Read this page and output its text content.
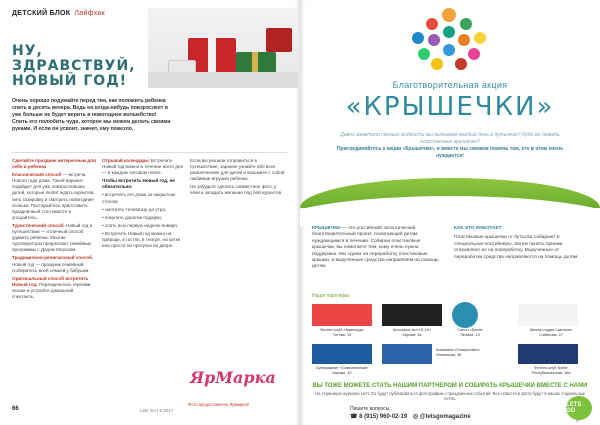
ДЕТСКИЙ БЛОК Лайфхак
НУ, ЗДРАВСТВУЙ, НОВЫЙ ГОД!
Очень хорошо подумайте перед тем, как положить ребенка спать в десять вечера. Ведь он когда-нибудь повзрослеет и уже больше не будет верить в новогоднее волшебство! Спить его полюбить чудо, которое мы можем делать своими руками. И если он усвоит, значит, ему повезло.

Сделайте праздник интересным для себя и ребенка

Классический способ — встреча Нового года дома. Такой вариант подойдет для уже повзрослевших детей, которые любят ждать курантов, пить газировку и смотреть новогодние огоньки. Постарайтесь приготовить праздничный стол вместе и угощайтесь.

Туристический способ. Новый год в путешествии — отличный способ удивить ребенка. Многие туроператоры предлагают семейные программы с Дедом Морозом.

Традиционно-религиозный способ. Новый год — праздник семейный. Соберитесь всей семьей у бабушки.

Оригинальный способ встретить Новый год. Переоденьтесь героями сказки и устройте домашний спектакль.

Отрывай календарь! Встречать Новый год можно в течение всего дня — в каждом часовом поясе.

Чтобы встретить Новый год, не обязательно:

• встречать его дома за накрытым столом;

• смотреть телевизор до утра;

• покупать дорогие подарки;

• спать всю первую неделю января.

• Встретить Новый год можно на природе, в гостях, в театре, на катке или просто на прогулке во дворе.

Если вы решили отправиться в путешествие, заранее узнайте обо всех развлечениях для детей и возьмите с собой любимые игрушки ребенка.

Не забудьте сделать совместное фото у елки и загадать желание под бой курантов.

ЯрМарка
Фото предоставлено Ярмаркой
66	Lets Go | 9 2017
Благотворительная акция
«КРЫШЕЧКИ»
Давно заметили сколько жидкости мы выпиваем каждый день в бутылках? Куда же девать пластиковые крышечки?
Присоединяйтесь к акции «Крышечки», и вместе мы сможем помочь тем, кто в этом очень нуждается!

КРЫШЕЧКИ — это российский экологический благотворительный проект, помогающий детям, нуждающимся в лечении. Собирая пластиковые крышечки, вы помогаете тем, кому очень нужна поддержка. Мы сдаем на переработку пластиковые крышки, а вырученные средства направляем на помощь детям.

КАК ЭТО РАБОТАЕТ

Пластиковые крышечки от бутылок собирают в специальные контейнеры. Затем пункты приема отправляют их на переработку. Вырученные от переработки средства направляются на помощь детям.

Наши партнеры
Фитнес-клуб «Авангард»
Титова, 10
Кроссфит-зал «Z-19»
Кирова, 1а
Салон «Demi»
Ленина, 14
Школа-студия Lashroom
Собинова, 27
Супермаркет «Симпатичный»
Кирова, 30
Компания «Северстайл»
Ильинская, 38
Фитнес-клуб Noble
Республиканская, 16а
ВЫ ТОЖЕ МОЖЕТЕ СТАТЬ НАШИМ ПАРТНЕРОМ И СОБИРАТЬ КРЫШЕЧКИ ВМЕСТЕ С НАМИ
На страницах журнала Let's Go будут публиковаться фотографии с праздничных событий. Все новости и фото будут в наших социальных сетях.
Пишите вопросы:
☎ 8 (915) 960-02-19 ◎ @letsgomagazine
LETS GO
67
